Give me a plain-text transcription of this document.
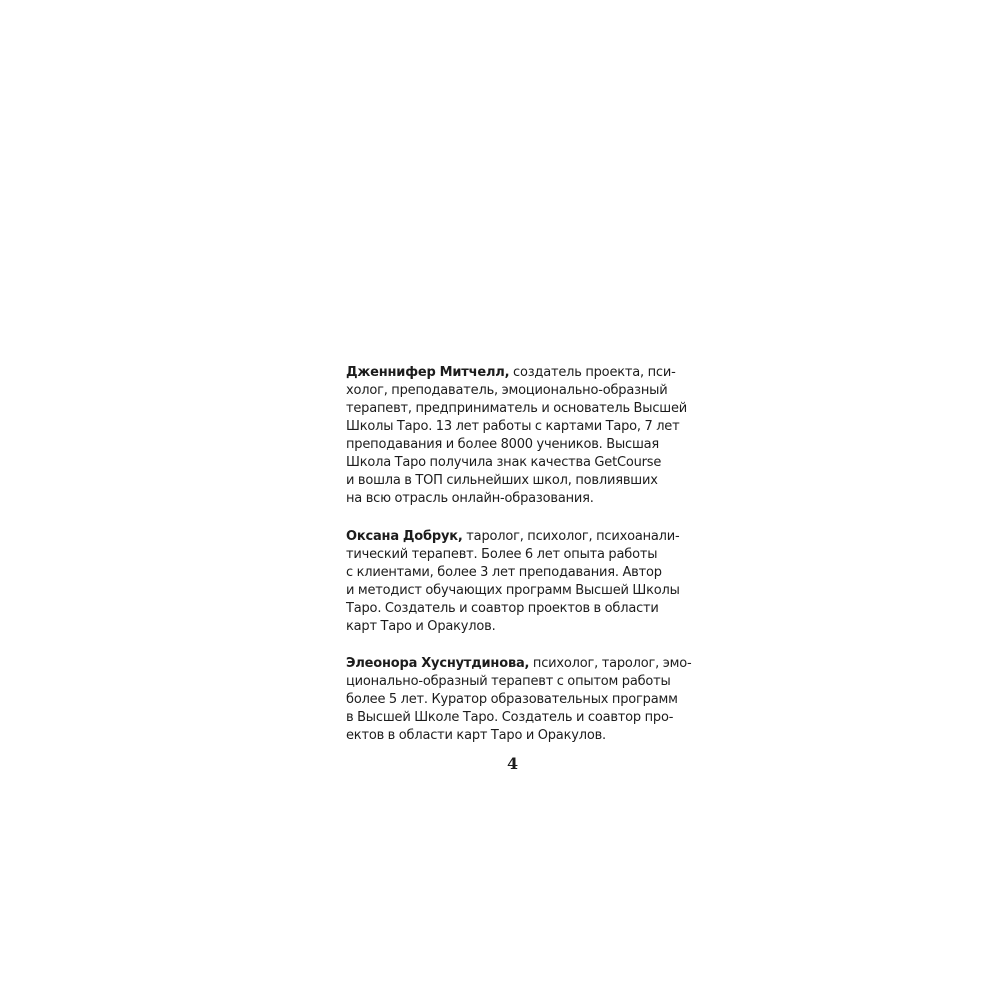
Дженнифер Митчелл, создатель проекта, пси-
холог, преподаватель, эмоционально-образный
терапевт, предприниматель и основатель Высшей
Школы Таро. 13 лет работы с картами Таро, 7 лет
преподавания и более 8000 учеников. Высшая
Школа Таро получила знак качества GetCourse
и вошла в ТОП сильнейших школ, повлиявших
на всю отрасль онлайн-образования.

Оксана Добрук, таролог, психолог, психоанали-
тический терапевт. Более 6 лет опыта работы
с клиентами, более 3 лет преподавания. Автор
и методист обучающих программ Высшей Школы
Таро. Создатель и соавтор проектов в области
карт Таро и Оракулов.

Элеонора Хуснутдинова, психолог, таролог, эмо-
ционально-образный терапевт с опытом работы
более 5 лет. Куратор образовательных программ
в Высшей Школе Таро. Создатель и соавтор про-
ектов в области карт Таро и Оракулов.

4
